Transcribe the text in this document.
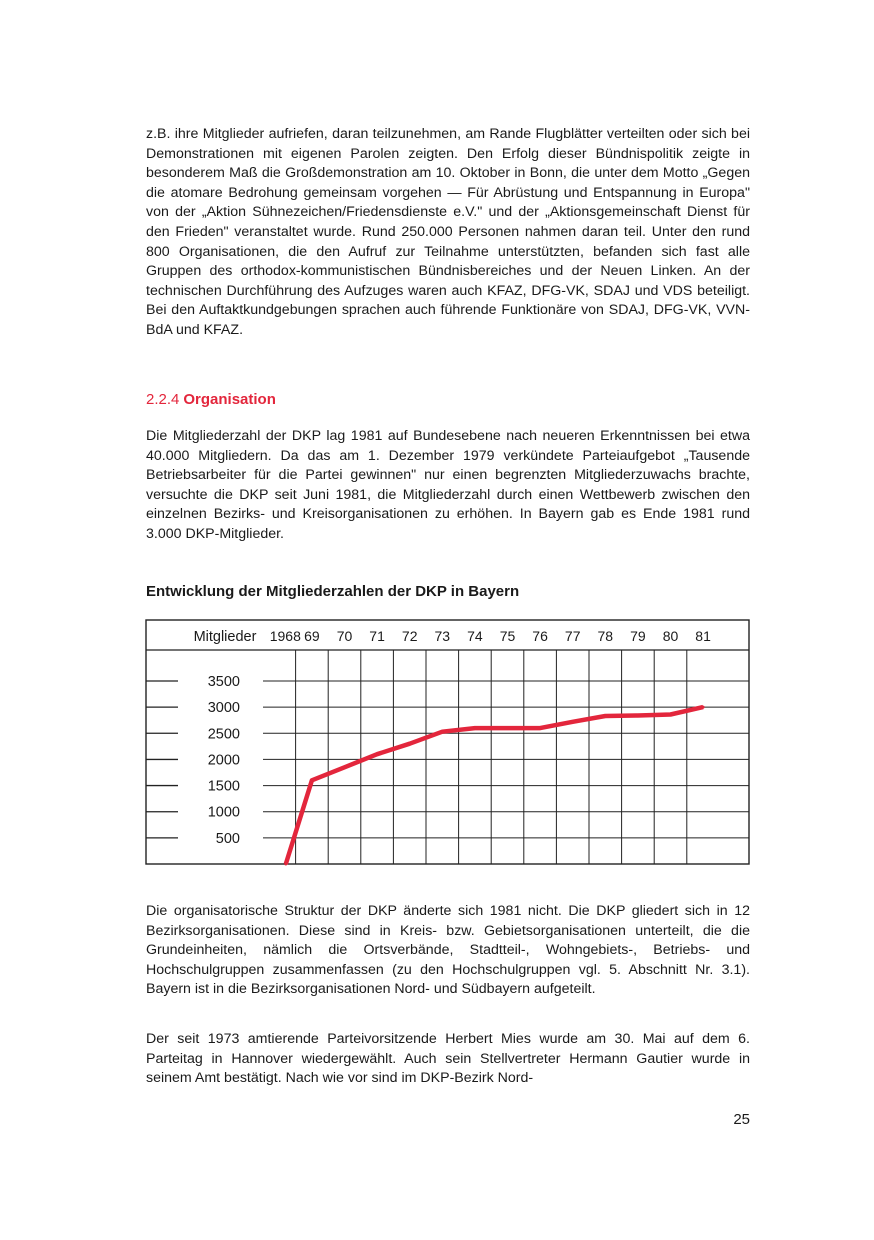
z.B. ihre Mitglieder aufriefen, daran teilzunehmen, am Rande Flugblätter verteilten oder sich bei Demonstrationen mit eigenen Parolen zeigten. Den Erfolg dieser Bündnispolitik zeigte in besonderem Maß die Großdemonstration am 10. Oktober in Bonn, die unter dem Motto „Gegen die atomare Bedrohung gemeinsam vorgehen — Für Abrüstung und Entspannung in Europa" von der „Aktion Sühnezeichen/Friedensdienste e.V." und der „Aktionsgemeinschaft Dienst für den Frieden" veranstaltet wurde. Rund 250.000 Personen nahmen daran teil. Unter den rund 800 Organisationen, die den Aufruf zur Teilnahme unterstützten, befanden sich fast alle Gruppen des orthodox-kommunistischen Bündnisbereiches und der Neuen Linken. An der technischen Durchführung des Aufzuges waren auch KFAZ, DFG-VK, SDAJ und VDS beteiligt. Bei den Auftaktkundgebungen sprachen auch führende Funktionäre von SDAJ, DFG-VK, VVN-BdA und KFAZ.

2.2.4 Organisation

Die Mitgliederzahl der DKP lag 1981 auf Bundesebene nach neueren Erkenntnissen bei etwa 40.000 Mitgliedern. Da das am 1. Dezember 1979 verkündete Parteiaufgebot „Tausende Betriebsarbeiter für die Partei gewinnen" nur einen begrenzten Mitgliederzuwachs brachte, versuchte die DKP seit Juni 1981, die Mitgliederzahl durch einen Wettbewerb zwischen den einzelnen Bezirks- und Kreisorganisationen zu erhöhen. In Bayern gab es Ende 1981 rund 3.000 DKP-Mitglieder.

Entwicklung der Mitgliederzahlen der DKP in Bayern
Mitglieder 1968 69 70 71 72 73 74 75 76 77 78 79 80 81
3500
3000
2500
2000
1500
1000
500

Die organisatorische Struktur der DKP änderte sich 1981 nicht. Die DKP gliedert sich in 12 Bezirksorganisationen. Diese sind in Kreis- bzw. Gebietsorganisationen unterteilt, die die Grundeinheiten, nämlich die Ortsverbände, Stadtteil-, Wohngebiets-, Betriebs- und Hochschulgruppen zusammenfassen (zu den Hochschulgruppen vgl. 5. Abschnitt Nr. 3.1). Bayern ist in die Bezirksorganisationen Nord- und Südbayern aufgeteilt.

Der seit 1973 amtierende Parteivorsitzende Herbert Mies wurde am 30. Mai auf dem 6. Parteitag in Hannover wiedergewählt. Auch sein Stellvertreter Hermann Gautier wurde in seinem Amt bestätigt. Nach wie vor sind im DKP-Bezirk Nord-

25
